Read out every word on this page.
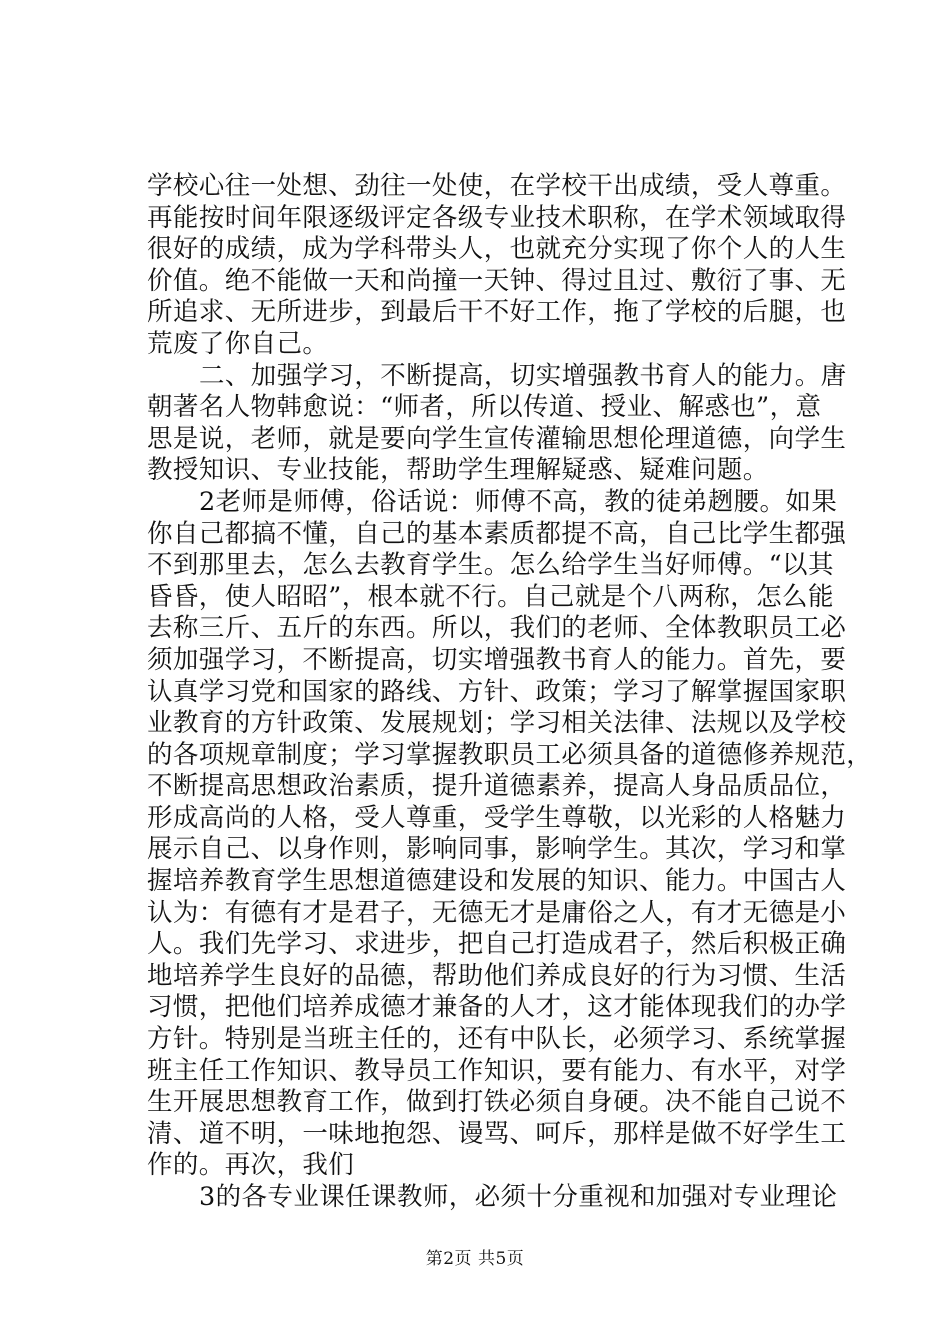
学校心往一处想、劲往一处使，在学校干出成绩，受人尊重。
再能按时间年限逐级评定各级专业技术职称，在学术领域取得
很好的成绩，成为学科带头人，也就充分实现了你个人的人生
价值。绝不能做一天和尚撞一天钟、得过且过、敷衍了事、无
所追求、无所进步，到最后干不好工作，拖了学校的后腿，也
荒废了你自己。
二、加强学习，不断提高，切实增强教书育人的能力。唐
朝著名人物韩愈说：“师者，所以传道、授业、解惑也”，意
思是说，老师，就是要向学生宣传灌输思想伦理道德，向学生
教授知识、专业技能，帮助学生理解疑惑、疑难问题。
2老师是师傅，俗话说：师傅不高，教的徒弟趔腰。如果
你自己都搞不懂，自己的基本素质都提不高，自己比学生都强
不到那里去，怎么去教育学生。怎么给学生当好师傅。“以其
昏昏，使人昭昭”，根本就不行。自己就是个八两称，怎么能
去称三斤、五斤的东西。所以，我们的老师、全体教职员工必
须加强学习，不断提高，切实增强教书育人的能力。首先，要
认真学习党和国家的路线、方针、政策；学习了解掌握国家职
业教育的方针政策、发展规划；学习相关法律、法规以及学校
的各项规章制度；学习掌握教职员工必须具备的道德修养规范，
不断提高思想政治素质，提升道德素养，提高人身品质品位，
形成高尚的人格，受人尊重，受学生尊敬，以光彩的人格魅力
展示自己、以身作则，影响同事，影响学生。其次，学习和掌
握培养教育学生思想道德建设和发展的知识、能力。中国古人
认为：有德有才是君子，无德无才是庸俗之人，有才无德是小
人。我们先学习、求进步，把自己打造成君子，然后积极正确
地培养学生良好的品德，帮助他们养成良好的行为习惯、生活
习惯，把他们培养成德才兼备的人才，这才能体现我们的办学
方针。特别是当班主任的，还有中队长，必须学习、系统掌握
班主任工作知识、教导员工作知识，要有能力、有水平，对学
生开展思想教育工作，做到打铁必须自身硬。决不能自己说不
清、道不明，一味地抱怨、谩骂、呵斥，那样是做不好学生工
作的。再次，我们
3的各专业课任课教师，必须十分重视和加强对专业理论
第2页 共5页
